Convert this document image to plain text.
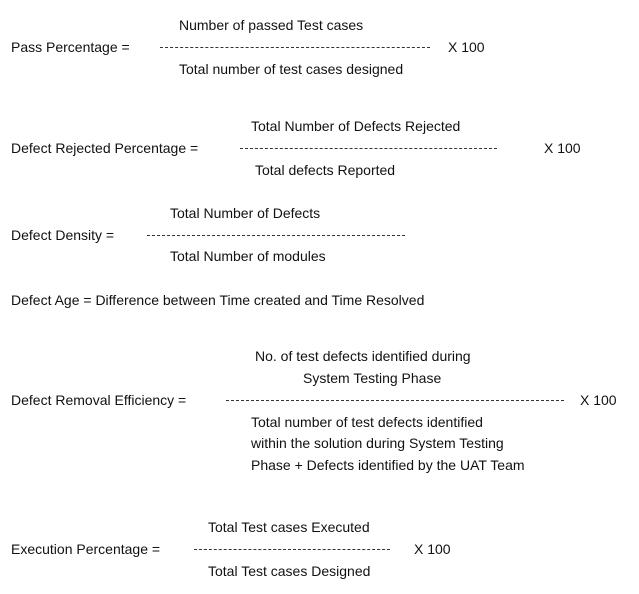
Number of passed Test cases
Pass Percentage =	X 100
Total number of test cases designed
Total Number of Defects Rejected
Defect Rejected Percentage =	X 100
Total defects Reported
Total Number of Defects
Defect Density =
Total Number of modules
Defect Age = Difference between Time created and Time Resolved
No. of test defects identified during
System Testing Phase
Defect Removal Efficiency =	X 100
Total number of test defects identified
within the solution during System Testing
Phase + Defects identified by the UAT Team
Total Test cases Executed
Execution Percentage =	X 100
Total Test cases Designed
